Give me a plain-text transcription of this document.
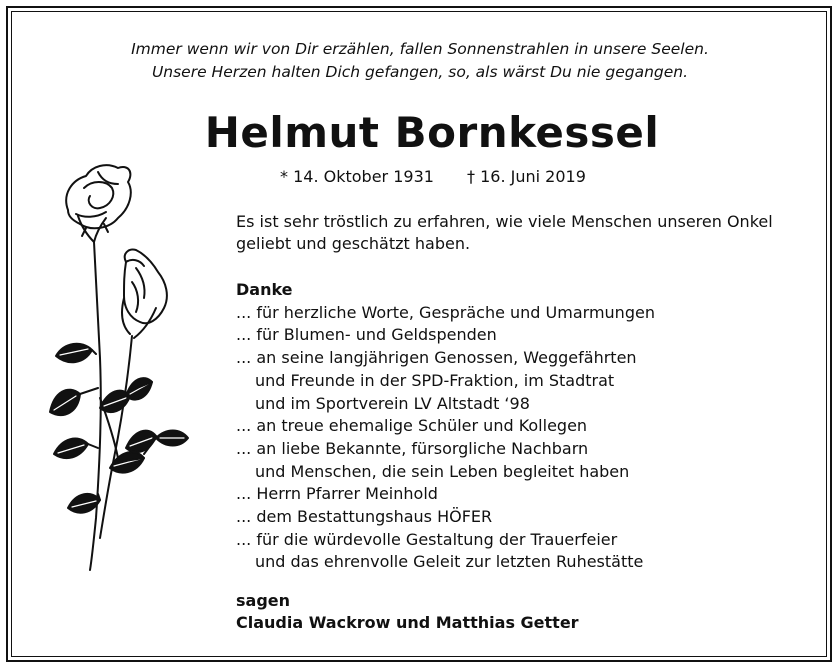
Immer wenn wir von Dir erzählen, fallen Sonnenstrahlen in unsere Seelen.
Unsere Herzen halten Dich gefangen, so, als wärst Du nie gegangen.
Helmut Bornkessel
* 14. Oktober 1931 † 16. Juni 2019
Es ist sehr tröstlich zu erfahren, wie viele Menschen unseren Onkel
geliebt und geschätzt haben.
Danke
... für herzliche Worte, Gespräche und Umarmungen
... für Blumen- und Geldspenden
... an seine langjährigen Genossen, Weggefährten
und Freunde in der SPD-Fraktion, im Stadtrat
und im Sportverein LV Altstadt ‘98
... an treue ehemalige Schüler und Kollegen
... an liebe Bekannte, fürsorgliche Nachbarn
und Menschen, die sein Leben begleitet haben
... Herrn Pfarrer Meinhold
... dem Bestattungshaus HÖFER
... für die würdevolle Gestaltung der Trauerfeier
und das ehrenvolle Geleit zur letzten Ruhestätte
sagen
Claudia Wackrow und Matthias Getter
